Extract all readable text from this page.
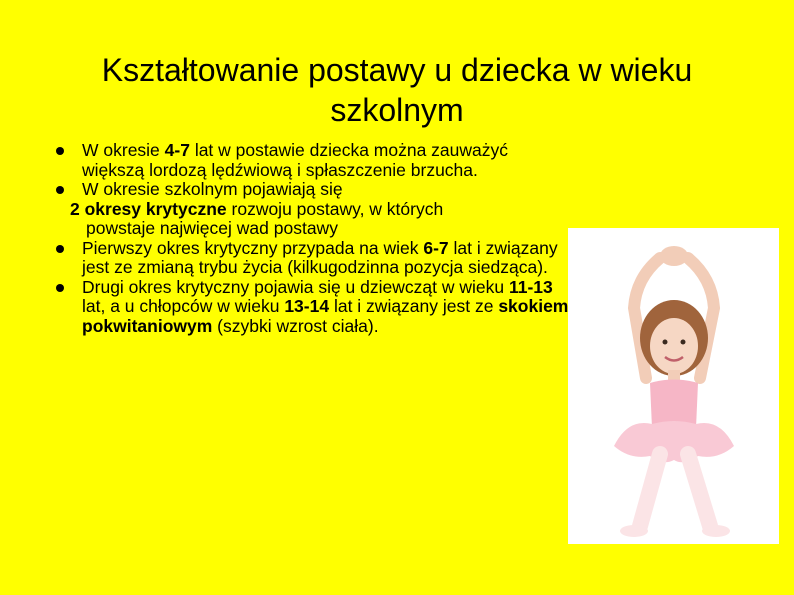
Kształtowanie postawy u dziecka w wieku
szkolnym
W okresie 4-7 lat w postawie dziecka można zauważyć większą lordozą lędźwiową i spłaszczenie brzucha.
W okresie szkolnym pojawiają się
2 okresy krytyczne rozwoju postawy, w których
powstaje najwięcej wad postawy
Pierwszy okres krytyczny przypada na wiek 6-7 lat i związany jest ze zmianą trybu życia (kilkugodzinna pozycja siedząca).
Drugi okres krytyczny pojawia się u dziewcząt w wieku 11-13 lat, a u chłopców w wieku 13-14 lat i związany jest ze skokiem pokwitaniowym (szybki wzrost ciała).
